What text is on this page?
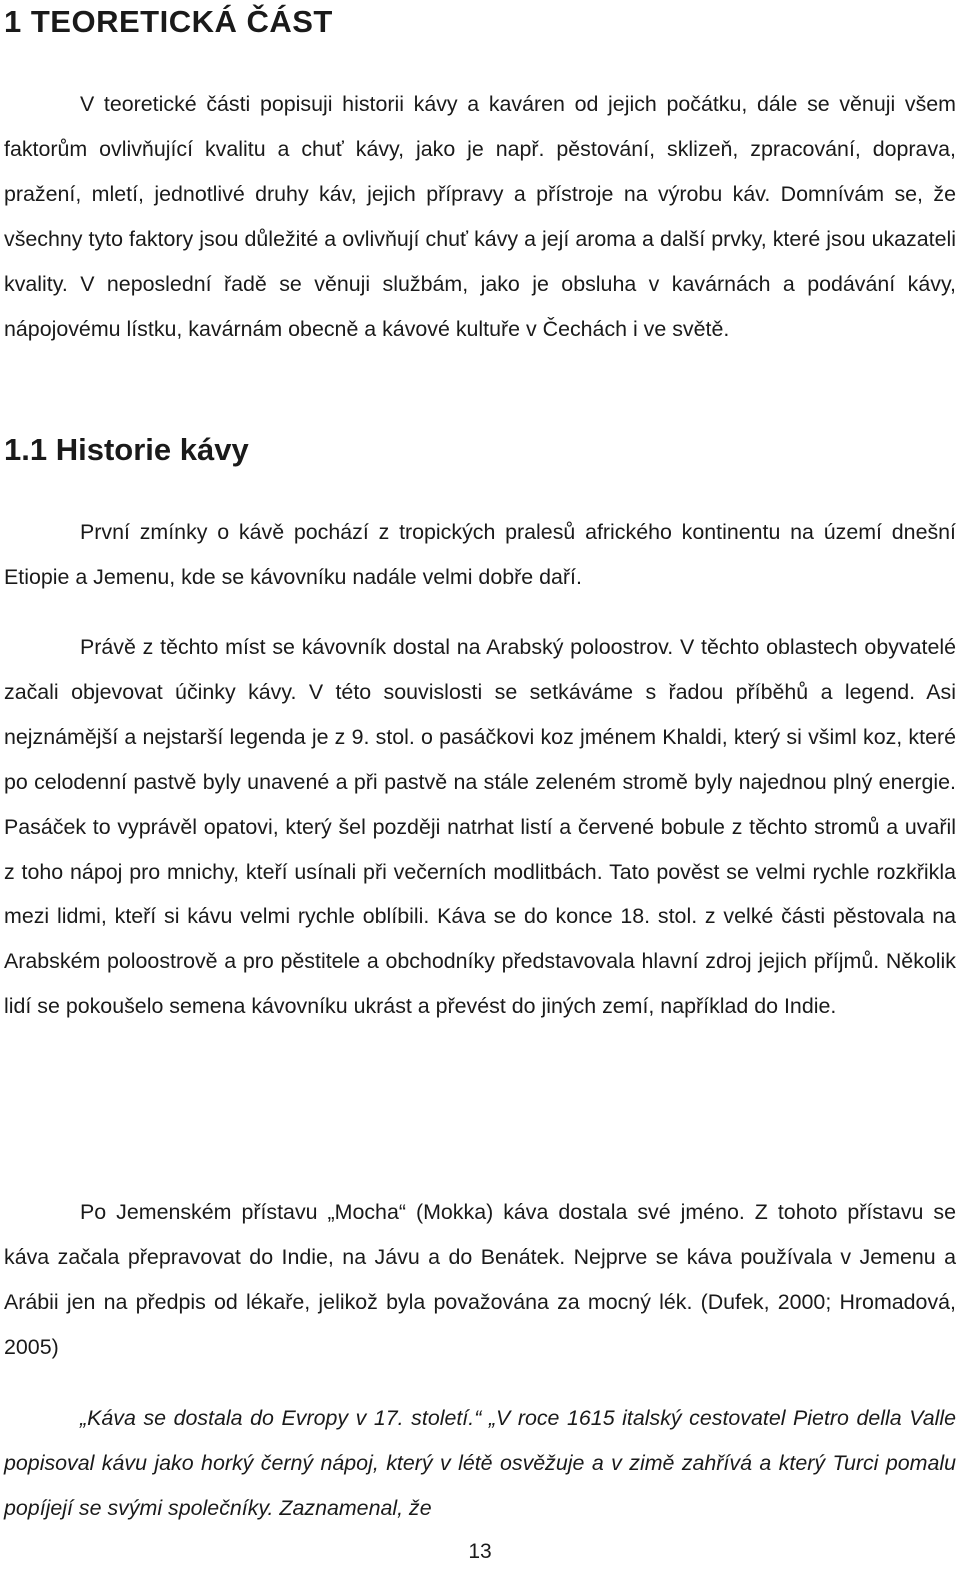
1 TEORETICKÁ ČÁST

V teoretické části popisuji historii kávy a kaváren od jejich počátku, dále se věnuji všem faktorům ovlivňující kvalitu a chuť kávy, jako je např. pěstování, sklizeň, zpracování, doprava, pražení, mletí, jednotlivé druhy káv, jejich přípravy a přístroje na výrobu káv. Domnívám se, že všechny tyto faktory jsou důležité a ovlivňují chuť kávy a její aroma a další prvky, které jsou ukazateli kvality. V neposlední řadě se věnuji službám, jako je obsluha v kavárnách a podávání kávy, nápojovému lístku, kavárnám obecně a kávové kultuře v Čechách i ve světě.

1.1 Historie kávy

První zmínky o kávě pochází z tropických pralesů afrického kontinentu na území dnešní Etiopie a Jemenu, kde se kávovníku nadále velmi dobře daří.

Právě z těchto míst se kávovník dostal na Arabský poloostrov. V těchto oblastech obyvatelé začali objevovat účinky kávy. V této souvislosti se setkáváme s řadou příběhů a legend. Asi nejznámější a nejstarší legenda je z 9. stol. o pasáčkovi koz jménem Khaldi, který si všiml koz, které po celodenní pastvě byly unavené a při pastvě na stále zeleném stromě byly najednou plný energie. Pasáček to vyprávěl opatovi, který šel později natrhat listí a červené bobule z těchto stromů a uvařil z toho nápoj pro mnichy, kteří usínali při večerních modlitbách. Tato pověst se velmi rychle rozkřikla mezi lidmi, kteří si kávu velmi rychle oblíbili. Káva se do konce 18. stol. z velké části pěstovala na Arabském poloostrově a pro pěstitele a obchodníky představovala hlavní zdroj jejich příjmů. Několik lidí se pokoušelo semena kávovníku ukrást a převést do jiných zemí, například do Indie.

Po Jemenském přístavu „Mocha“ (Mokka) káva dostala své jméno. Z tohoto přístavu se káva začala přepravovat do Indie, na Jávu a do Benátek. Nejprve se káva používala v Jemenu a Arábii jen na předpis od lékaře, jelikož byla považována za mocný lék. (Dufek, 2000; Hromadová, 2005)

„Káva se dostala do Evropy v 17. století.“ „V roce 1615 italský cestovatel Pietro della Valle popisoval kávu jako horký černý nápoj, který v létě osvěžuje a v zimě zahřívá a který Turci pomalu popíjejí se svými společníky. Zaznamenal, že

13
